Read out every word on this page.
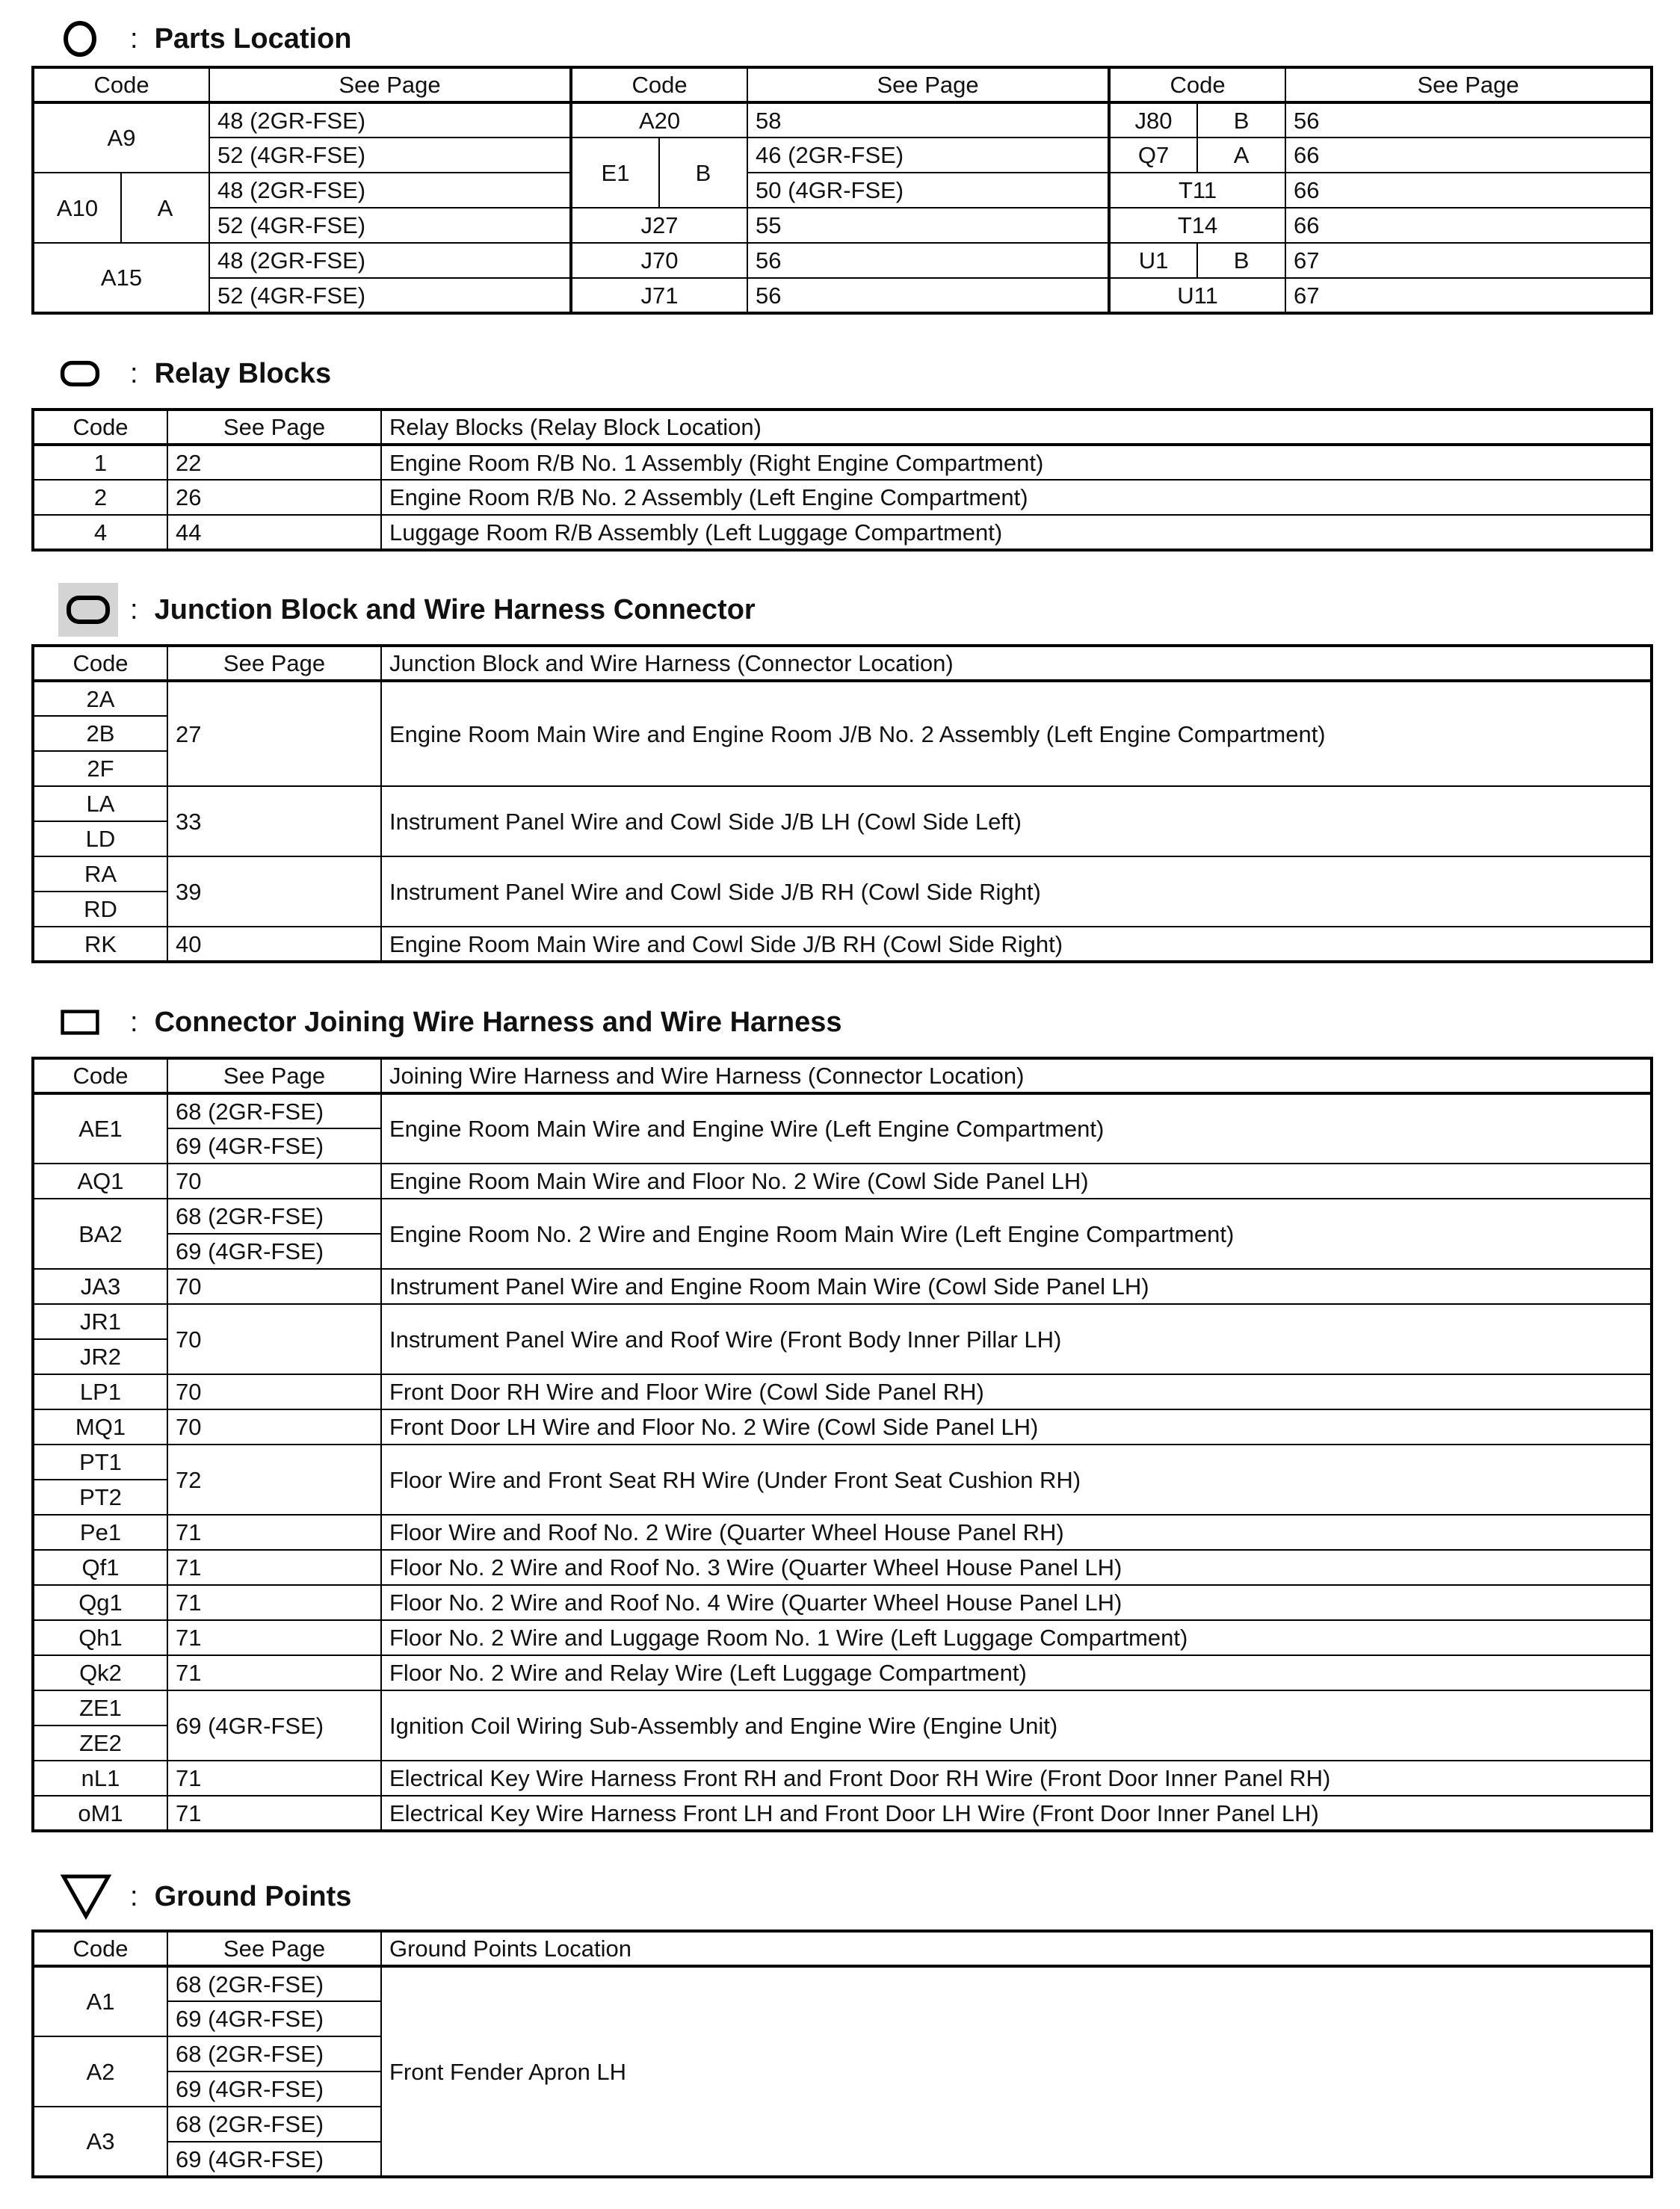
: Parts Location
Code		See Page	Code		See Page	Code		See Page
A9		48 (2GR-FSE)	A20		58	J80	B	56
		52 (4GR-FSE)	E1	B	46 (2GR-FSE)	Q7	A	66
A10	A	48 (2GR-FSE)			50 (4GR-FSE)	T11		66
		52 (4GR-FSE)	J27		55	T14		66
A15		48 (2GR-FSE)	J70		56	U1	B	67
		52 (4GR-FSE)	J71		56	U11		67
: Relay Blocks
Code	See Page	Relay Blocks (Relay Block Location)
1	22	Engine Room R/B No. 1 Assembly (Right Engine Compartment)
2	26	Engine Room R/B No. 2 Assembly (Left Engine Compartment)
4	44	Luggage Room R/B Assembly (Left Luggage Compartment)
: Junction Block and Wire Harness Connector
Code	See Page	Junction Block and Wire Harness (Connector Location)
2A	27	Engine Room Main Wire and Engine Room J/B No. 2 Assembly (Left Engine Compartment)
2B		
2F		
LA	33	Instrument Panel Wire and Cowl Side J/B LH (Cowl Side Left)
LD		
RA	39	Instrument Panel Wire and Cowl Side J/B RH (Cowl Side Right)
RD		
RK	40	Engine Room Main Wire and Cowl Side J/B RH (Cowl Side Right)
: Connector Joining Wire Harness and Wire Harness
Code	See Page	Joining Wire Harness and Wire Harness (Connector Location)
AE1	68 (2GR-FSE)	Engine Room Main Wire and Engine Wire (Left Engine Compartment)
	69 (4GR-FSE)	
AQ1	70	Engine Room Main Wire and Floor No. 2 Wire (Cowl Side Panel LH)
BA2	68 (2GR-FSE)	Engine Room No. 2 Wire and Engine Room Main Wire (Left Engine Compartment)
	69 (4GR-FSE)	
JA3	70	Instrument Panel Wire and Engine Room Main Wire (Cowl Side Panel LH)
JR1	70	Instrument Panel Wire and Roof Wire (Front Body Inner Pillar LH)
JR2		
LP1	70	Front Door RH Wire and Floor Wire (Cowl Side Panel RH)
MQ1	70	Front Door LH Wire and Floor No. 2 Wire (Cowl Side Panel LH)
PT1	72	Floor Wire and Front Seat RH Wire (Under Front Seat Cushion RH)
PT2		
Pe1	71	Floor Wire and Roof No. 2 Wire (Quarter Wheel House Panel RH)
Qf1	71	Floor No. 2 Wire and Roof No. 3 Wire (Quarter Wheel House Panel LH)
Qg1	71	Floor No. 2 Wire and Roof No. 4 Wire (Quarter Wheel House Panel LH)
Qh1	71	Floor No. 2 Wire and Luggage Room No. 1 Wire (Left Luggage Compartment)
Qk2	71	Floor No. 2 Wire and Relay Wire (Left Luggage Compartment)
ZE1	69 (4GR-FSE)	Ignition Coil Wiring Sub-Assembly and Engine Wire (Engine Unit)
ZE2		
nL1	71	Electrical Key Wire Harness Front RH and Front Door RH Wire (Front Door Inner Panel RH)
oM1	71	Electrical Key Wire Harness Front LH and Front Door LH Wire (Front Door Inner Panel LH)
: Ground Points
Code	See Page	Ground Points Location
A1	68 (2GR-FSE)	Front Fender Apron LH
	69 (4GR-FSE)	
A2	68 (2GR-FSE)	
	69 (4GR-FSE)	
A3	68 (2GR-FSE)	
	69 (4GR-FSE)	
